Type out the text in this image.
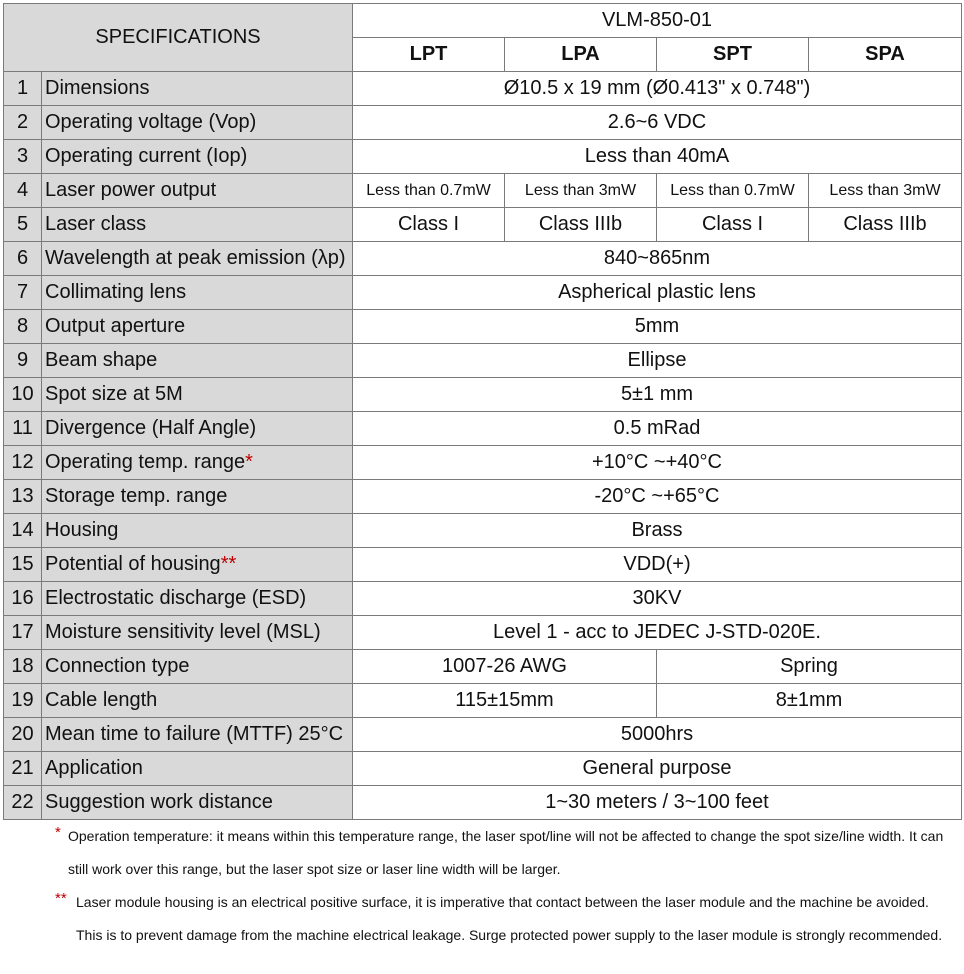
SPECIFICATIONS		VLM-850-01			
		LPT	LPA	SPT	SPA
1	Dimensions	Ø10.5 x 19 mm (Ø0.413" x 0.748")			
2	Operating voltage (Vop)	2.6~6 VDC			
3	Operating current (Iop)	Less than 40mA			
4	Laser power output	Less than 0.7mW	Less than 3mW	Less than 0.7mW	Less than 3mW
5	Laser class	Class I	Class IIIb	Class I	Class IIIb
6	Wavelength at peak emission (λp)	840~865nm			
7	Collimating lens	Aspherical plastic lens			
8	Output aperture	5mm			
9	Beam shape	Ellipse			
10	Spot size at 5M	5±1 mm			
11	Divergence (Half Angle)	0.5 mRad			
12	Operating temp. range*	+10°C ~+40°C			
13	Storage temp. range	-20°C ~+65°C			
14	Housing	Brass			
15	Potential of housing**	VDD(+)			
16	Electrostatic discharge (ESD)	30KV			
17	Moisture sensitivity level (MSL)	Level 1 - acc to JEDEC J-STD-020E.			
18	Connection type	1007-26 AWG		Spring	
19	Cable length	115±15mm		8±1mm	
20	Mean time to failure (MTTF) 25°C	5000hrs			
21	Application	General purpose			
22	Suggestion work distance	1~30 meters / 3~100 feet			
* Operation temperature: it means within this temperature range, the laser spot/line will not be affected to change the spot size/line width. It can still work over this range, but the laser spot size or laser line width will be larger.
** Laser module housing is an electrical positive surface, it is imperative that contact between the laser module and the machine be avoided. This is to prevent damage from the machine electrical leakage. Surge protected power supply to the laser module is strongly recommended.
